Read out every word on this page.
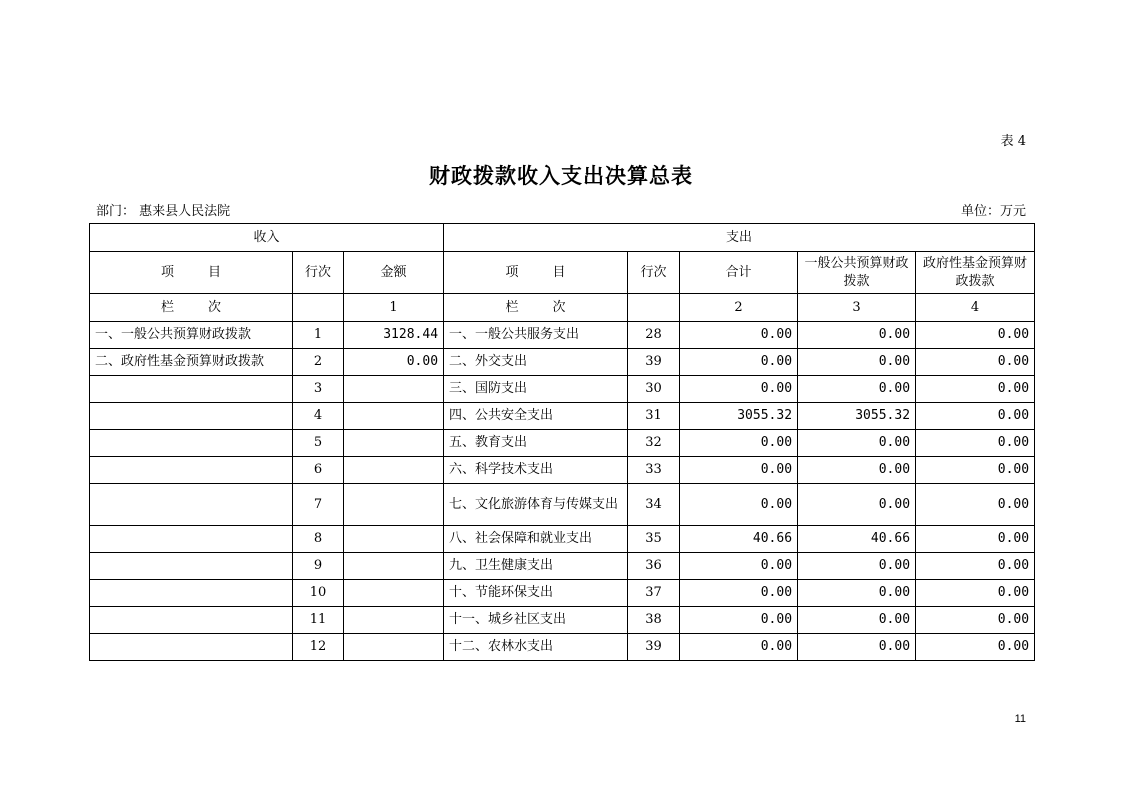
表 4
财政拨款收入支出决算总表
部门： 惠来县人民法院	单位：万元
收入			支出				
项 目	行次	金额	项 目	行次	合计	一般公共预算财政拨款	政府性基金预算财政拨款
栏 次		1	栏 次		2	3	4
一、一般公共预算财政拨款	1	3128.44	一、一般公共服务支出	28	0.00	0.00	0.00
二、政府性基金预算财政拨款	2	0.00	二、外交支出	39	0.00	0.00	0.00
	3		三、国防支出	30	0.00	0.00	0.00
	4		四、公共安全支出	31	3055.32	3055.32	0.00
	5		五、教育支出	32	0.00	0.00	0.00
	6		六、科学技术支出	33	0.00	0.00	0.00
	7		七、文化旅游体育与传媒支出	34	0.00	0.00	0.00
	8		八、社会保障和就业支出	35	40.66	40.66	0.00
	9		九、卫生健康支出	36	0.00	0.00	0.00
	10		十、节能环保支出	37	0.00	0.00	0.00
	11		十一、城乡社区支出	38	0.00	0.00	0.00
	12		十二、农林水支出	39	0.00	0.00	0.00
11
